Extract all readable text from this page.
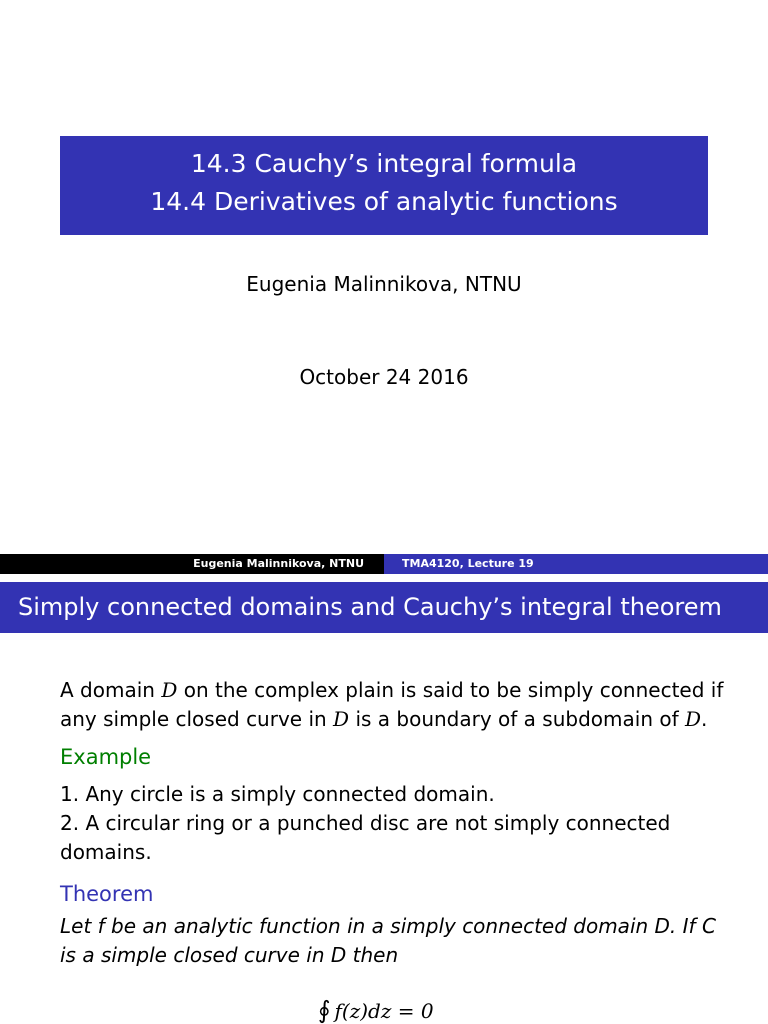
14.3 Cauchy’s integral formula
14.4 Derivatives of analytic functions
Eugenia Malinnikova, NTNU
October 24 2016
Eugenia Malinnikova, NTNU	TMA4120, Lecture 19
Simply connected domains and Cauchy’s integral theorem
A domain D on the complex plain is said to be simply connected if any simple closed curve in D is a boundary of a subdomain of D.
Example
1. Any circle is a simply connected domain.
2. A circular ring or a punched disc are not simply connected domains.
Theorem
Let f be an analytic function in a simply connected domain D. If C is a simple closed curve in D then
∮ f(z)dz = 0
